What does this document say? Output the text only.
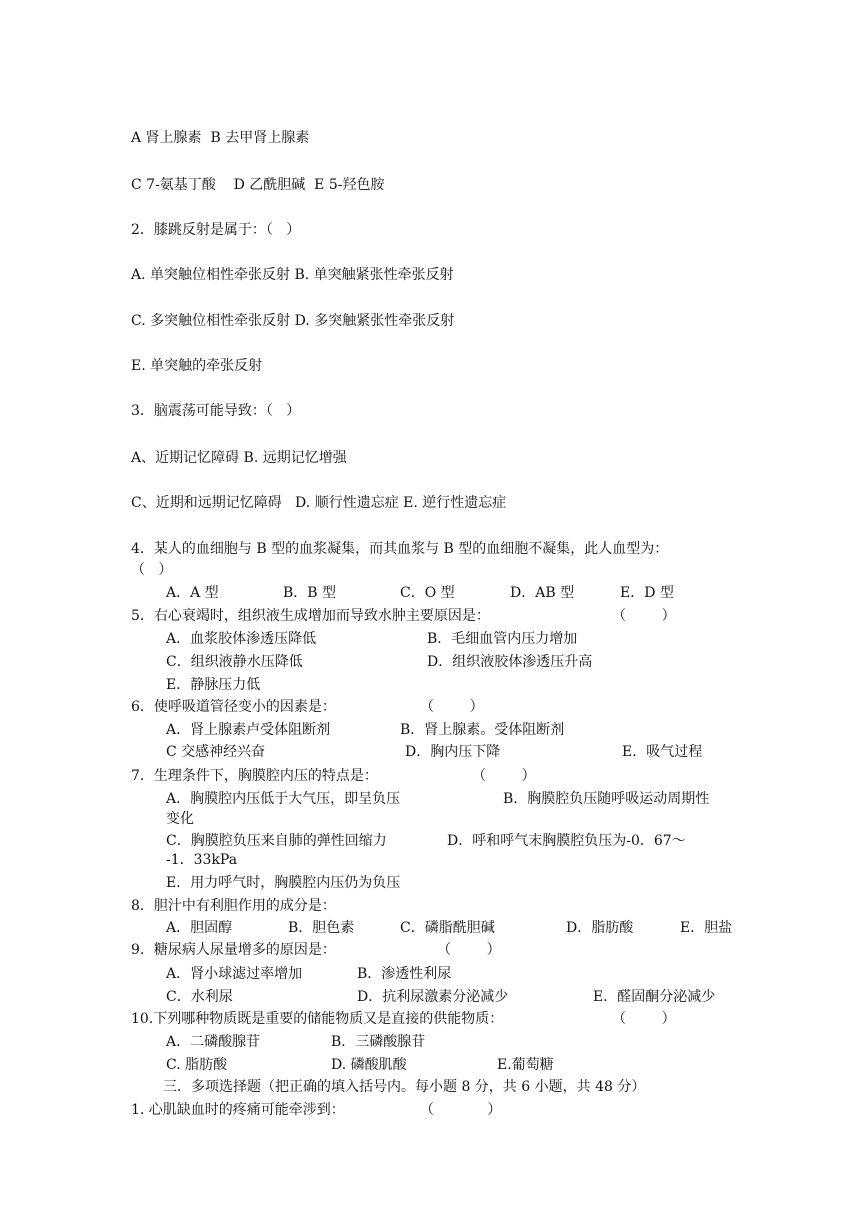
A 肾上腺素  B 去甲肾上腺素
C 7-氨基丁酸    D 乙酰胆碱  E 5-羟色胺
2．膝跳反射是属于：（   ）
A. 单突触位相性牵张反射 B. 单突触紧张性牵张反射
C. 多突触位相性牵张反射 D. 多突触紧张性牵张反射
E. 单突触的牵张反射
3．脑震荡可能导致：（   ）
A、近期记忆障碍 B. 远期记忆增强
C、近期和远期记忆障碍   D. 顺行性遗忘症 E. 逆行性遗忘症
4．某人的血细胞与 B 型的血浆凝集，而其血浆与 B 型的血细胞不凝集，此人血型为：
（   ）
A．A 型	B．B 型	C．O 型	D．AB 型	E．D 型
5．右心衰竭时，组织液生成增加而导致水肿主要原因是：	（        ）
A．血浆胶体渗透压降低	B．毛细血管内压力增加
C．组织液静水压降低	D．组织液胶体渗透压升高
E．静脉压力低
6．使呼吸道管径变小的因素是：	（        ）
A．肾上腺素卢受体阻断剂	B．肾上腺素。受体阻断剂
C 交感神经兴奋	D．胸内压下降	E．吸气过程
7．生理条件下，胸膜腔内压的特点是：	（        ）
A．胸膜腔内压低于大气压，即呈负压	B．胸膜腔负压随呼吸运动周期性
变化
C．胸膜腔负压来自肺的弹性回缩力	D．呼和呼气末胸膜腔负压为-0．67～
-1．33kPa
E．用力呼气时，胸膜腔内压仍为负压
8．胆汁中有利胆作用的成分是：
A．胆固醇	B．胆色素	C．磷脂酰胆碱	D．脂肪酸	E．胆盐
9．糖尿病人尿量增多的原因是：	（        ）
A．肾小球滤过率增加	B．渗透性利尿
C．水利尿	D．抗利尿激素分泌减少	E．醛固酮分泌减少
10.下列哪种物质既是重要的储能物质又是直接的供能物质：	（        ）
A．二磷酸腺苷	B．三磷酸腺苷
C. 脂肪酸	D. 磷酸肌酸	E.葡萄糖
三．多项选择题（把正确的填入括号内。每小题 8 分，共 6 小题，共 48 分）
1. 心肌缺血时的疼痛可能牵涉到：	（            ）
